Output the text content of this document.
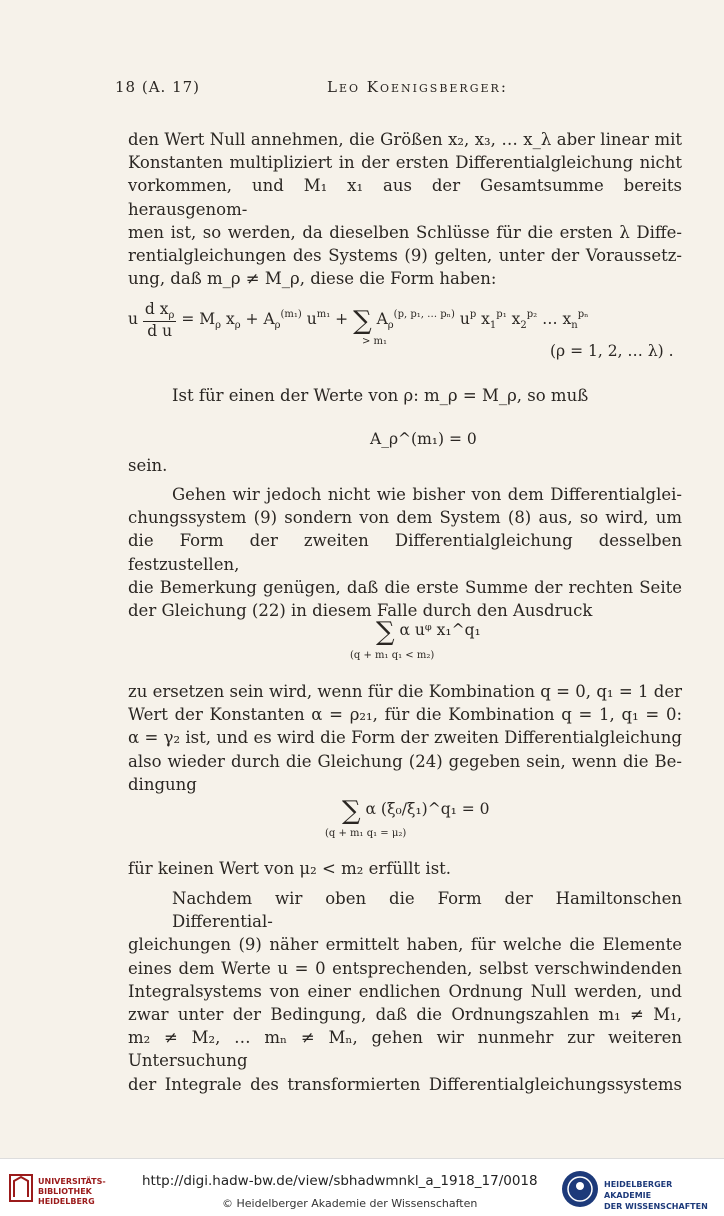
18 (A. 17)	Leo Koenigsberger:
den Wert Null annehmen, die Größen x₂, x₃, … x_λ aber linear mit
Konstanten multipliziert in der ersten Differentialgleichung nicht
vorkommen, und M₁ x₁ aus der Gesamtsumme bereits herausgenom-
men ist, so werden, da dieselben Schlüsse für die ersten λ Diffe-
rentialgleichungen des Systems (9) gelten, unter der Voraussetz-
ung, daß m_ρ ≠ M_ρ, diese die Form haben:
u $\frac{d x_\rho}{\text{d u}} = M_\rho$ $x_\rho + A_\rho^{(m_1)}$ $u^{m_1}$ + ∑ $A_\rho^{(p, p_1, \dots p_n)}$ $u^p$ $x_1^{p_1}$ $x_2^{p_2}$ … $x_n^{p_n}$
> m₁
(ρ = 1, 2, … λ) .
Ist für einen der Werte von ρ: m_ρ = M_ρ, so muß
A_ρ^(m₁) = 0
sein.
Gehen wir jedoch nicht wie bisher von dem Differentialglei-
chungssystem (9) sondern von dem System (8) aus, so wird, um
die Form der zweiten Differentialgleichung desselben festzustellen,
die Bemerkung genügen, daß die erste Summe der rechten Seite
der Gleichung (22) in diesem Falle durch den Ausdruck
∑ α uᵠ x₁^q₁
(q + m₁ q₁ < m₂)
zu ersetzen sein wird, wenn für die Kombination q = 0, q₁ = 1 der
Wert der Konstanten α = ρ₂₁, für die Kombination q = 1, q₁ = 0:
α = γ₂ ist, und es wird die Form der zweiten Differentialgleichung
also wieder durch die Gleichung (24) gegeben sein, wenn die Be-
dingung
∑ α (ξ₀/ξ₁)^q₁ = 0
(q + m₁ q₁ = μ₂)
für keinen Wert von μ₂ < m₂ erfüllt ist.
Nachdem wir oben die Form der Hamiltonschen Differential-
gleichungen (9) näher ermittelt haben, für welche die Elemente
eines dem Werte u = 0 entsprechenden, selbst verschwindenden
Integralsystems von einer endlichen Ordnung Null werden, und
zwar unter der Bedingung, daß die Ordnungszahlen m₁ ≠ M₁,
m₂ ≠ M₂, … mₙ ≠ Mₙ, gehen wir nunmehr zur weiteren Untersuchung
der Integrale des transformierten Differentialgleichungssystems
UNIVERSITÄTS-
BIBLIOTHEK
HEIDELBERG
http://digi.hadw-bw.de/view/sbhadwmnkl_a_1918_17/0018
© Heidelberger Akademie der Wissenschaften
HEIDELBERGER AKADEMIE
DER WISSENSCHAFTEN
